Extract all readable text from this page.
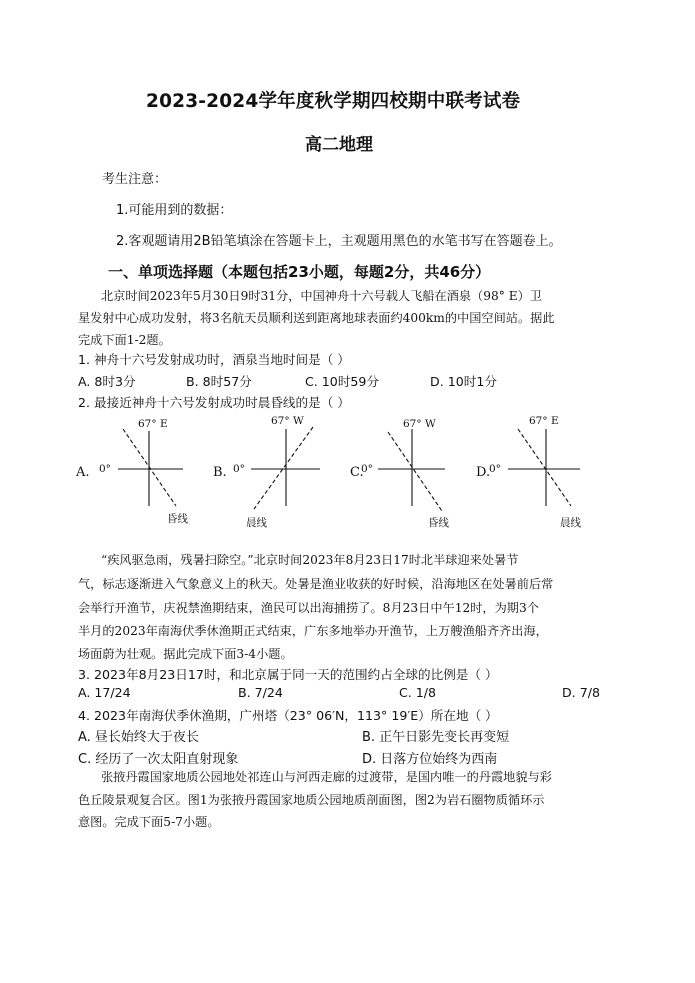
2023-2024学年度秋学期四校期中联考试卷
高二地理
考生注意：
1.可能用到的数据：
2.客观题请用2B铅笔填涂在答题卡上，主观题用黑色的水笔书写在答题卷上。
一、单项选择题（本题包括23小题，每题2分，共46分）
北京时间2023年5月30日9时31分，中国神舟十六号载人飞船在酒泉（98° E）卫
星发射中心成功发射，将3名航天员顺利送到距离地球表面约400km的中国空间站。据此
完成下面1-2题。
1. 神舟十六号发射成功时，酒泉当地时间是（ ）
A. 8时3分	B. 8时57分	C. 10时59分	D. 10时1分
2. 最接近神舟十六号发射成功时晨昏线的是（ ）
A.
67° E
0°
昏线
B.
67° W
0°
晨线
C.
67° W
0°
昏线
D.
67° E
0°
晨线
“疾风驱急雨，残暑扫除空。”北京时间2023年8月23日17时北半球迎来处暑节
气，标志逐渐进入气象意义上的秋天。处暑是渔业收获的好时候，沿海地区在处暑前后常
会举行开渔节，庆祝禁渔期结束，渔民可以出海捕捞了。8月23日中午12时，为期3个
半月的2023年南海伏季休渔期正式结束，广东多地举办开渔节，上万艘渔船齐齐出海，
场面蔚为壮观。据此完成下面3-4小题。
3. 2023年8月23日17时，和北京属于同一天的范围约占全球的比例是（ ）
A. 17/24	B. 7/24	C. 1/8	D. 7/8
4. 2023年南海伏季休渔期，广州塔（23° 06′N，113° 19′E）所在地（ ）
A. 昼长始终大于夜长	B. 正午日影先变长再变短
C. 经历了一次太阳直射现象	D. 日落方位始终为西南
张掖丹霞国家地质公园地处祁连山与河西走廊的过渡带，是国内唯一的丹霞地貌与彩
色丘陵景观复合区。图1为张掖丹霞国家地质公园地质剖面图，图2为岩石圈物质循环示
意图。完成下面5-7小题。
